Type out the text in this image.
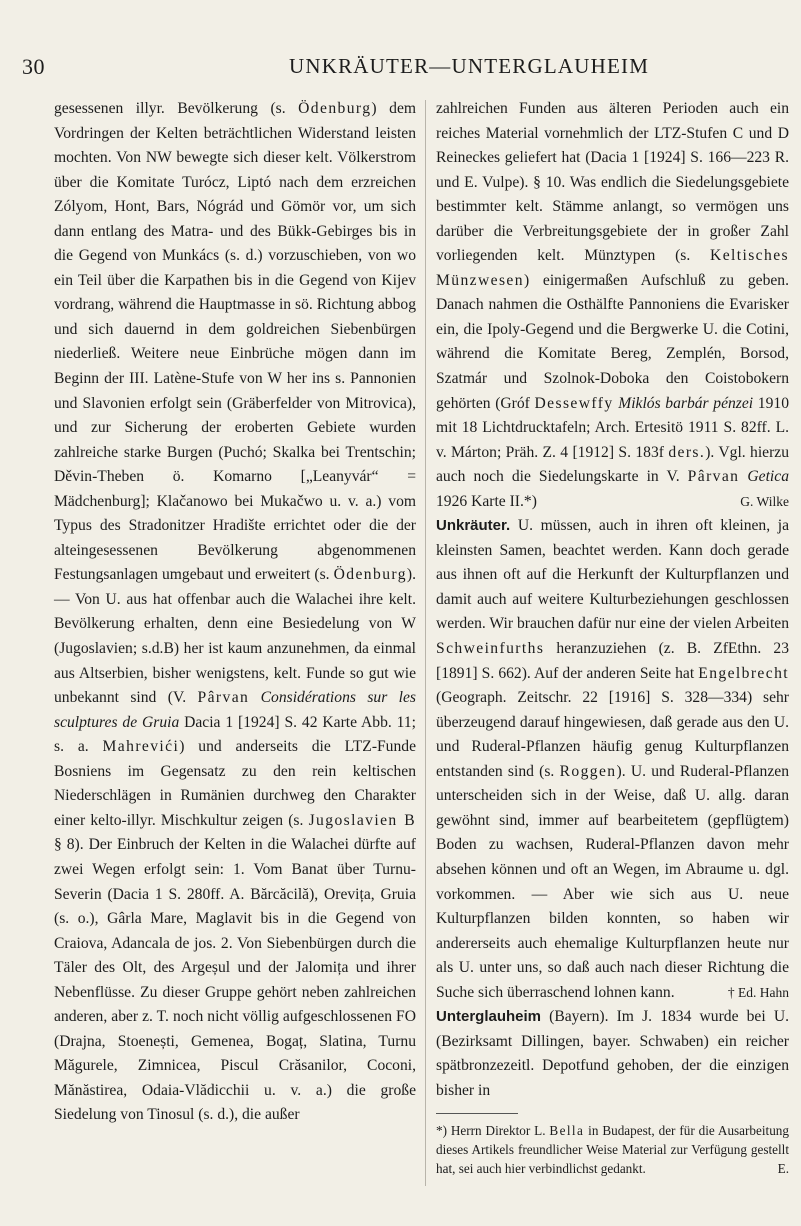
30	UNKRÄUTER—UNTERGLAUHEIM

gesessenen illyr. Bevölkerung (s. Ödenburg) dem Vordringen der Kelten beträchtlichen Widerstand leisten mochten. Von NW bewegte sich dieser kelt. Völkerstrom über die Komitate Turócz, Liptó nach dem erzreichen Zólyom, Hont, Bars, Nógrád und Gömör vor, um sich dann entlang des Matra- und des Bükk-Gebirges bis in die Gegend von Munkács (s. d.) vorzuschieben, von wo ein Teil über die Karpathen bis in die Gegend von Kijev vordrang, während die Hauptmasse in sö. Richtung abbog und sich dauernd in dem goldreichen Siebenbürgen niederließ. Weitere neue Einbrüche mögen dann im Beginn der III. Latène-Stufe von W her ins s. Pannonien und Slavonien erfolgt sein (Gräberfelder von Mitrovica), und zur Sicherung der eroberten Gebiete wurden zahlreiche starke Burgen (Puchó; Skalka bei Trentschin; Děvin-Theben ö. Komarno [„Leanyvár“ = Mädchenburg]; Klačanowo bei Mukačwo u. v. a.) vom Typus des Stradonitzer Hradište errichtet oder die der alteingesessenen Bevölkerung abgenommenen Festungsanlagen umgebaut und erweitert (s. Ödenburg). — Von U. aus hat offenbar auch die Walachei ihre kelt. Bevölkerung erhalten, denn eine Besiedelung von W (Jugoslavien; s.d.B) her ist kaum anzunehmen, da einmal aus Altserbien, bisher wenigstens, kelt. Funde so gut wie unbekannt sind (V. Pârvan Considérations sur les sculptures de Gruia Dacia 1 [1924] S. 42 Karte Abb. 11; s. a. Mahrevići) und anderseits die LTZ-Funde Bosniens im Gegensatz zu den rein keltischen Niederschlägen in Rumänien durchweg den Charakter einer kelto-illyr. Mischkultur zeigen (s. Jugoslavien B § 8). Der Einbruch der Kelten in die Walachei dürfte auf zwei Wegen erfolgt sein: 1. Vom Banat über Turnu-Severin (Dacia 1 S. 280ff. A. Bărcăcilă), Orevița, Gruia (s. o.), Gârla Mare, Maglavit bis in die Gegend von Craiova, Adancala de jos. 2. Von Siebenbürgen durch die Täler des Olt, des Argeșul und der Jalomița und ihrer Nebenflüsse. Zu dieser Gruppe gehört neben zahlreichen anderen, aber z. T. noch nicht völlig aufgeschlossenen FO (Drajna, Stoenești, Gemenea, Bogaț, Slatina, Turnu Măgurele, Zimnicea, Piscul Crăsanilor, Coconi, Mănăstirea, Odaia-Vlădicchii u. v. a.) die große Siedelung von Tinosul (s. d.), die außer

zahlreichen Funden aus älteren Perioden auch ein reiches Material vornehmlich der LTZ-Stufen C und D Reineckes geliefert hat (Dacia 1 [1924] S. 166—223 R. und E. Vulpe). § 10. Was endlich die Siedelungsgebiete bestimmter kelt. Stämme anlangt, so vermögen uns darüber die Verbreitungsgebiete der in großer Zahl vorliegenden kelt. Münztypen (s. Keltisches Münzwesen) einigermaßen Aufschluß zu geben. Danach nahmen die Osthälfte Pannoniens die Evarisker ein, die Ipoly-Gegend und die Bergwerke U. die Cotini, während die Komitate Bereg, Zemplén, Borsod, Szatmár und Szolnok-Doboka den Coistobokern gehörten (Gróf Dessewffy Miklós barbár pénzei 1910 mit 18 Lichtdrucktafeln; Arch. Ertesitö 1911 S. 82ff. L. v. Márton; Präh. Z. 4 [1912] S. 183f ders.). Vgl. hierzu auch noch die Siedelungskarte in V. Pârvan Getica 1926 Karte II.*)	G. Wilke

Unkräuter. U. müssen, auch in ihren oft kleinen, ja kleinsten Samen, beachtet werden. Kann doch gerade aus ihnen oft auf die Herkunft der Kulturpflanzen und damit auch auf weitere Kulturbeziehungen geschlossen werden. Wir brauchen dafür nur eine der vielen Arbeiten Schweinfurths heranzuziehen (z. B. ZfEthn. 23 [1891] S. 662). Auf der anderen Seite hat Engelbrecht (Geograph. Zeitschr. 22 [1916] S. 328—334) sehr überzeugend darauf hingewiesen, daß gerade aus den U. und Ruderal-Pflanzen häufig genug Kulturpflanzen entstanden sind (s. Roggen). U. und Ruderal-Pflanzen unterscheiden sich in der Weise, daß U. allg. daran gewöhnt sind, immer auf bearbeitetem (gepflügtem) Boden zu wachsen, Ruderal-Pflanzen davon mehr absehen können und oft an Wegen, im Abraume u. dgl. vorkommen. — Aber wie sich aus U. neue Kulturpflanzen bilden konnten, so haben wir andererseits auch ehemalige Kulturpflanzen heute nur als U. unter uns, so daß auch nach dieser Richtung die Suche sich überraschend lohnen kann.	† Ed. Hahn

Unterglauheim (Bayern). Im J. 1834 wurde bei U. (Bezirksamt Dillingen, bayer. Schwaben) ein reicher spätbronzezeitl. Depotfund gehoben, der die einzigen bisher in

*) Herrn Direktor L. Bella in Budapest, der für die Ausarbeitung dieses Artikels freundlicher Weise Material zur Verfügung gestellt hat, sei auch hier verbindlichst gedankt.	E.
